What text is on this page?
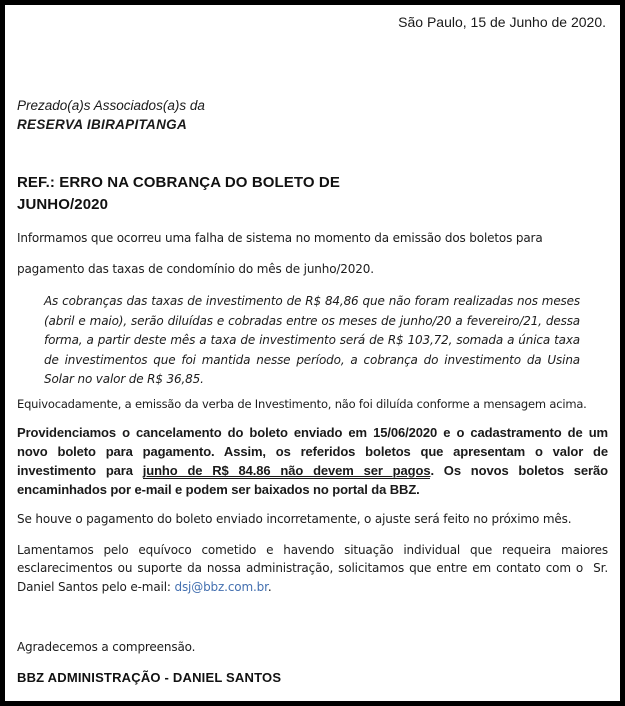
São Paulo, 15 de Junho de 2020.
Prezado(a)s Associados(a)s da
RESERVA IBIRAPITANGA
REF.: ERRO NA COBRANÇA DO BOLETO DE
JUNHO/2020

Informamos que ocorreu uma falha de sistema no momento da emissão dos boletos para

pagamento das taxas de condomínio do mês de junho/2020.

As cobranças das taxas de investimento de R$ 84,86 que não foram realizadas nos meses (abril e maio), serão diluídas e cobradas entre os meses de junho/20 a fevereiro/21, dessa forma, a partir deste mês a taxa de investimento será de R$ 103,72, somada a única taxa de investimentos que foi mantida nesse período, a cobrança do investimento da Usina Solar no valor de R$ 36,85.

Equivocadamente, a emissão da verba de Investimento, não foi diluída conforme a mensagem acima.

Providenciamos o cancelamento do boleto enviado em 15/06/2020 e o cadastramento de um novo boleto para pagamento. Assim, os referidos boletos que apresentam o valor de investimento para junho de R$ 84.86 não devem ser pagos. Os novos boletos serão encaminhados por e-mail e podem ser baixados no portal da BBZ.

Se houve o pagamento do boleto enviado incorretamente, o ajuste será feito no próximo mês.

Lamentamos pelo equívoco cometido e havendo situação individual que requeira maiores esclarecimentos ou suporte da nossa administração, solicitamos que entre em contato com o  Sr. Daniel Santos pelo e-mail: dsj@bbz.com.br.

Agradecemos a compreensão.

BBZ ADMINISTRAÇÃO - DANIEL SANTOS
